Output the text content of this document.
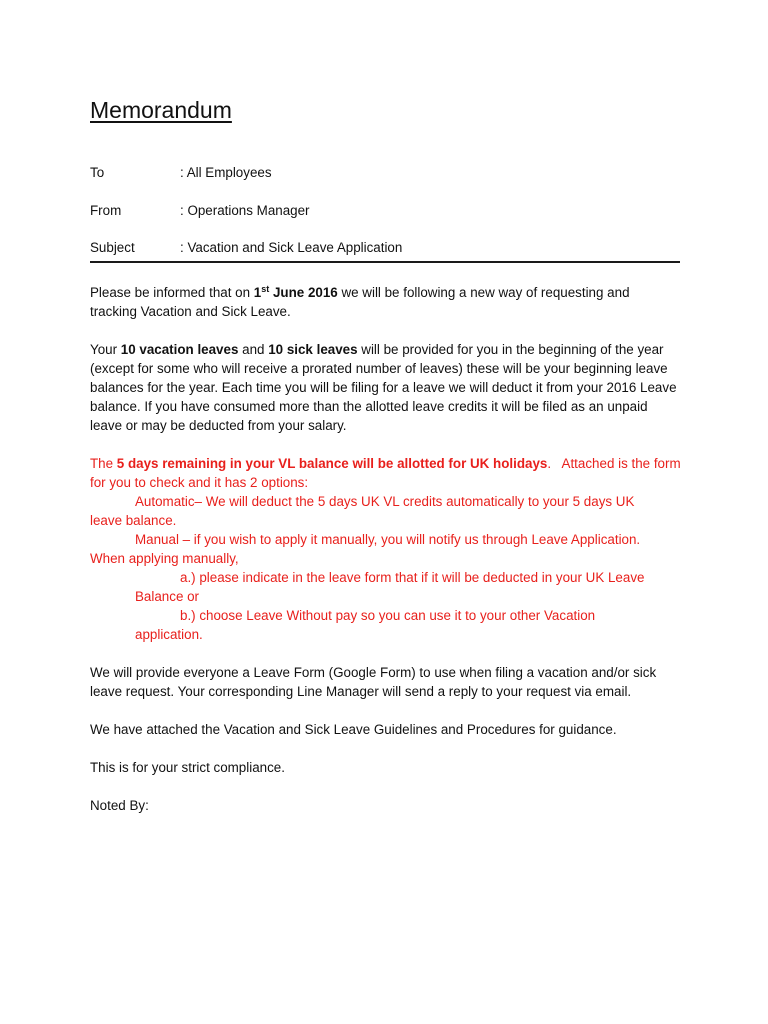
Memorandum
To	: All Employees
From	: Operations Manager
Subject	: Vacation and Sick Leave Application

Please be informed that on 1st June 2016 we will be following a new way of requesting and tracking Vacation and Sick Leave.

Your 10 vacation leaves and 10 sick leaves will be provided for you in the beginning of the year (except for some who will receive a prorated number of leaves) these will be your beginning leave balances for the year. Each time you will be filing for a leave we will deduct it from your 2016 Leave balance. If you have consumed more than the allotted leave credits it will be filed as an unpaid leave or may be deducted from your salary.

The 5 days remaining in your VL balance will be allotted for UK holidays.   Attached is the form
for you to check and it has 2 options:
Automatic– We will deduct the 5 days UK VL credits automatically to your 5 days UK
leave balance.
Manual – if you wish to apply it manually, you will notify us through Leave Application.
When applying manually,
a.) please indicate in the leave form that if it will be deducted in your UK Leave
Balance or
b.) choose Leave Without pay so you can use it to your other Vacation
application.

We will provide everyone a Leave Form (Google Form) to use when filing a vacation and/or sick leave request. Your corresponding Line Manager will send a reply to your request via email.

We have attached the Vacation and Sick Leave Guidelines and Procedures for guidance.

This is for your strict compliance.

Noted By:
